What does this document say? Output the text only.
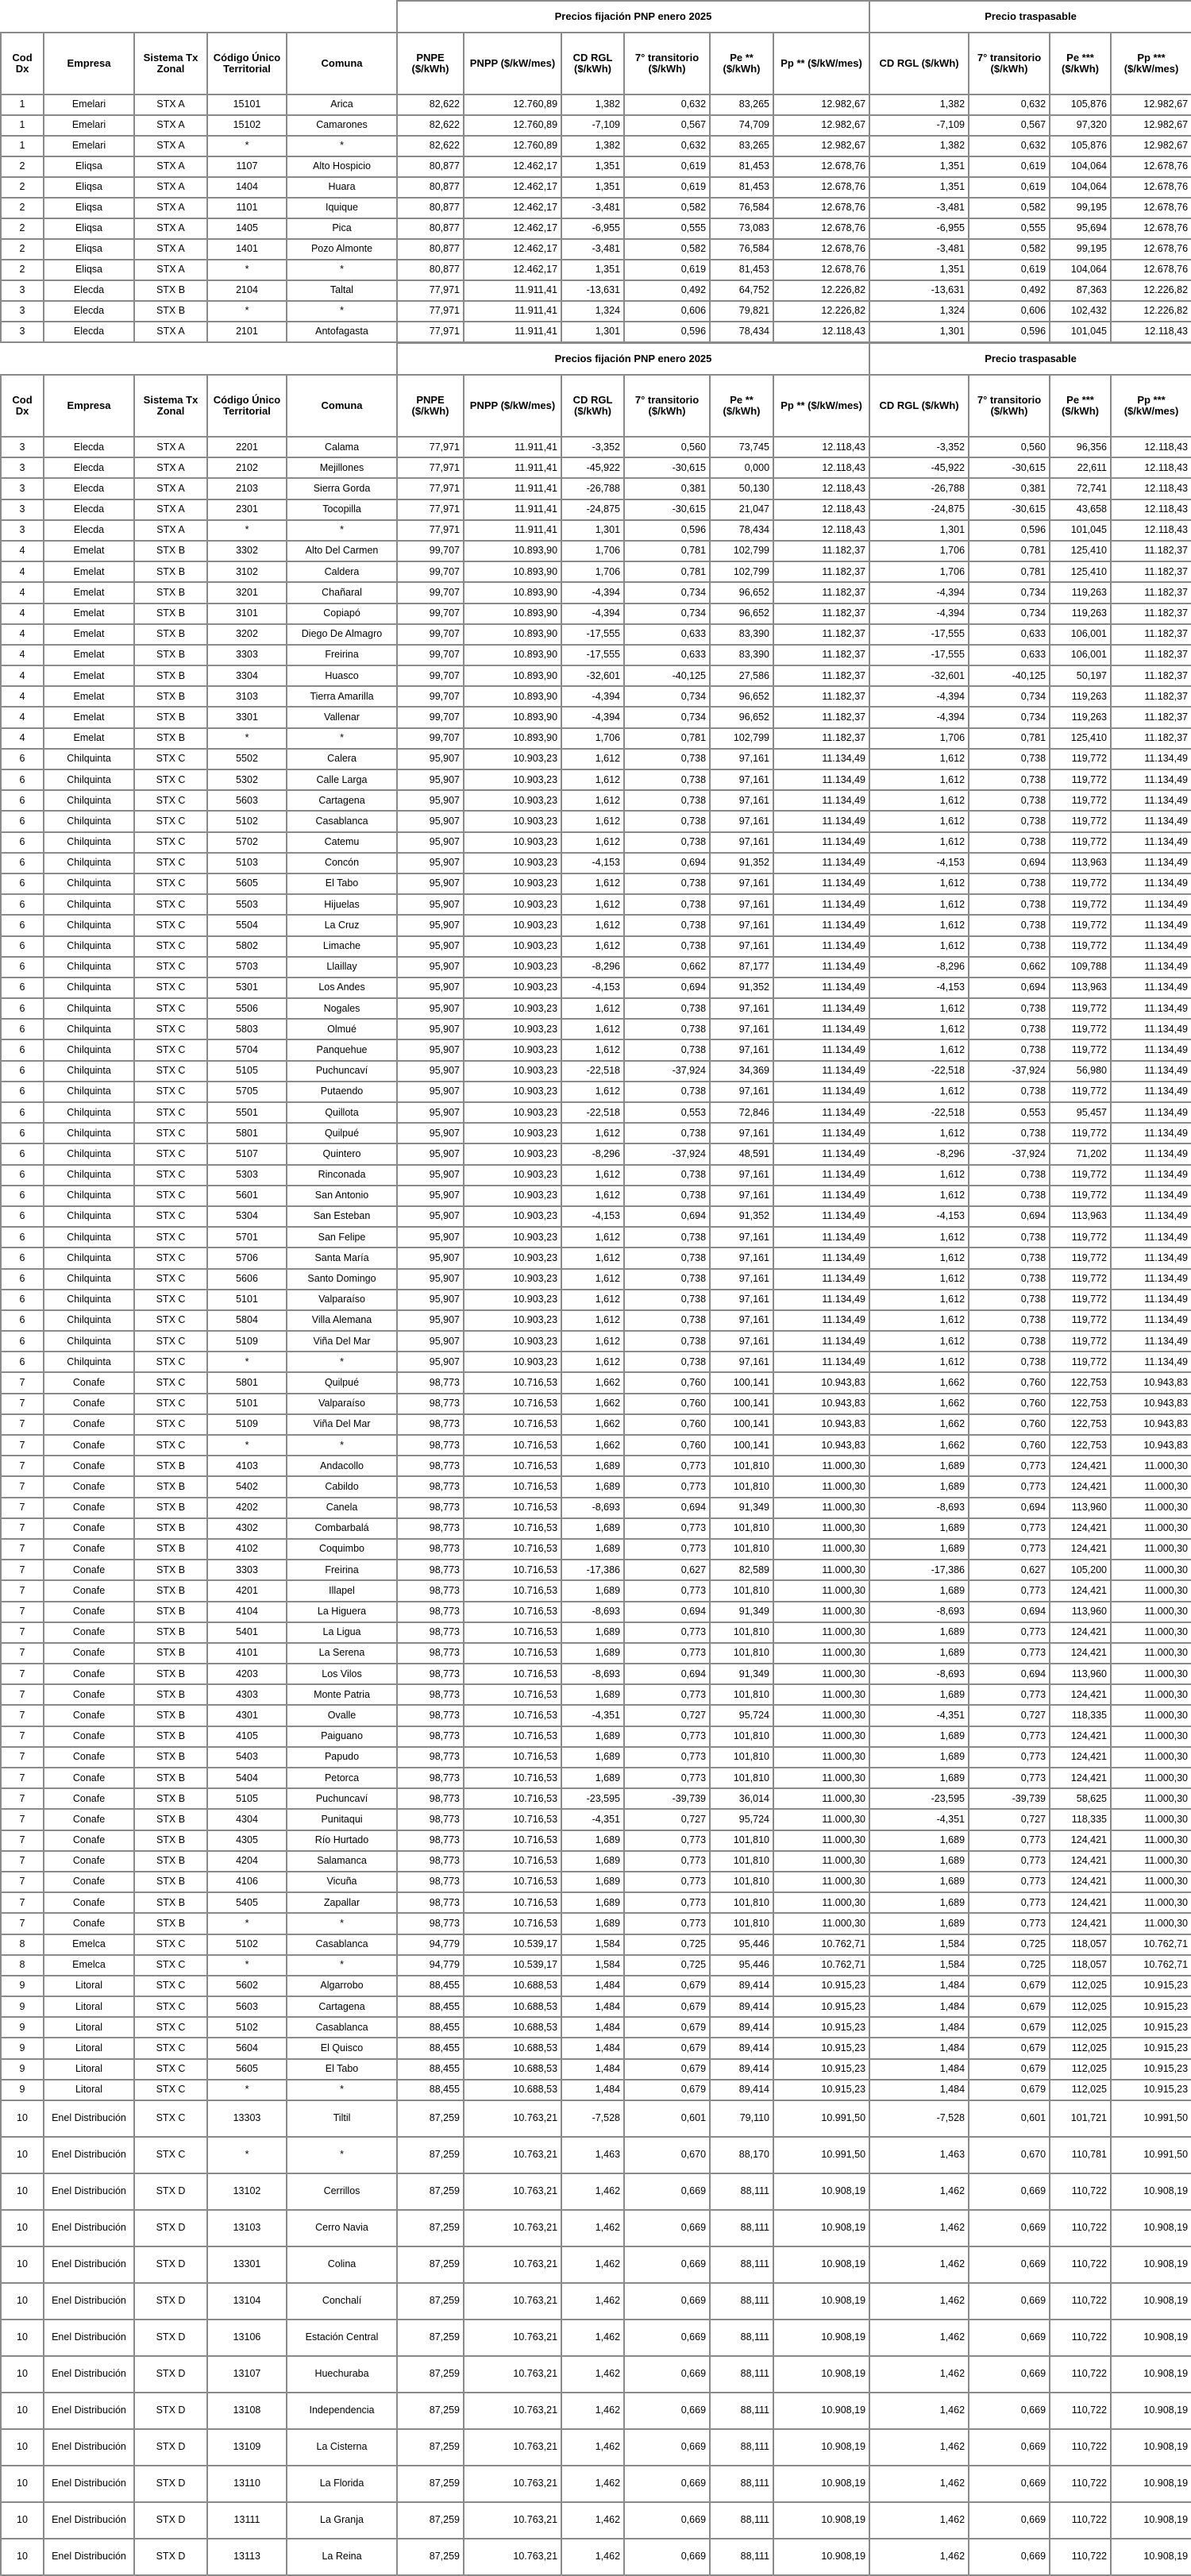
					Precios fijación PNP enero 2025						Precio traspasable			
Cod Dx	Empresa	Sistema Tx Zonal	Código Único Territorial	Comuna	PNPE ($/kWh)	PNPP ($/kW/mes)	CD RGL ($/kWh)	7° transitorio ($/kWh)	Pe ** ($/kWh)	Pp ** ($/kW/mes)	CD RGL ($/kWh)	7° transitorio ($/kWh)	Pe *** ($/kWh)	Pp *** ($/kW/mes)
1	Emelari	STX A	15101	Arica	82,622	12.760,89	1,382	0,632	83,265	12.982,67	1,382	0,632	105,876	12.982,67
1	Emelari	STX A	15102	Camarones	82,622	12.760,89	-7,109	0,567	74,709	12.982,67	-7,109	0,567	97,320	12.982,67
1	Emelari	STX A	*	*	82,622	12.760,89	1,382	0,632	83,265	12.982,67	1,382	0,632	105,876	12.982,67
2	Eliqsa	STX A	1107	Alto Hospicio	80,877	12.462,17	1,351	0,619	81,453	12.678,76	1,351	0,619	104,064	12.678,76
2	Eliqsa	STX A	1404	Huara	80,877	12.462,17	1,351	0,619	81,453	12.678,76	1,351	0,619	104,064	12.678,76
2	Eliqsa	STX A	1101	Iquique	80,877	12.462,17	-3,481	0,582	76,584	12.678,76	-3,481	0,582	99,195	12.678,76
2	Eliqsa	STX A	1405	Pica	80,877	12.462,17	-6,955	0,555	73,083	12.678,76	-6,955	0,555	95,694	12.678,76
2	Eliqsa	STX A	1401	Pozo Almonte	80,877	12.462,17	-3,481	0,582	76,584	12.678,76	-3,481	0,582	99,195	12.678,76
2	Eliqsa	STX A	*	*	80,877	12.462,17	1,351	0,619	81,453	12.678,76	1,351	0,619	104,064	12.678,76
3	Elecda	STX B	2104	Taltal	77,971	11.911,41	-13,631	0,492	64,752	12.226,82	-13,631	0,492	87,363	12.226,82
3	Elecda	STX B	*	*	77,971	11.911,41	1,324	0,606	79,821	12.226,82	1,324	0,606	102,432	12.226,82
3	Elecda	STX A	2101	Antofagasta	77,971	11.911,41	1,301	0,596	78,434	12.118,43	1,301	0,596	101,045	12.118,43
					Precios fijación PNP enero 2025						Precio traspasable			
Cod Dx	Empresa	Sistema Tx Zonal	Código Único Territorial	Comuna	PNPE ($/kWh)	PNPP ($/kW/mes)	CD RGL ($/kWh)	7° transitorio ($/kWh)	Pe ** ($/kWh)	Pp ** ($/kW/mes)	CD RGL ($/kWh)	7° transitorio ($/kWh)	Pe *** ($/kWh)	Pp *** ($/kW/mes)
3	Elecda	STX A	2201	Calama	77,971	11.911,41	-3,352	0,560	73,745	12.118,43	-3,352	0,560	96,356	12.118,43
3	Elecda	STX A	2102	Mejillones	77,971	11.911,41	-45,922	-30,615	0,000	12.118,43	-45,922	-30,615	22,611	12.118,43
3	Elecda	STX A	2103	Sierra Gorda	77,971	11.911,41	-26,788	0,381	50,130	12.118,43	-26,788	0,381	72,741	12.118,43
3	Elecda	STX A	2301	Tocopilla	77,971	11.911,41	-24,875	-30,615	21,047	12.118,43	-24,875	-30,615	43,658	12.118,43
3	Elecda	STX A	*	*	77,971	11.911,41	1,301	0,596	78,434	12.118,43	1,301	0,596	101,045	12.118,43
4	Emelat	STX B	3302	Alto Del Carmen	99,707	10.893,90	1,706	0,781	102,799	11.182,37	1,706	0,781	125,410	11.182,37
4	Emelat	STX B	3102	Caldera	99,707	10.893,90	1,706	0,781	102,799	11.182,37	1,706	0,781	125,410	11.182,37
4	Emelat	STX B	3201	Chañaral	99,707	10.893,90	-4,394	0,734	96,652	11.182,37	-4,394	0,734	119,263	11.182,37
4	Emelat	STX B	3101	Copiapó	99,707	10.893,90	-4,394	0,734	96,652	11.182,37	-4,394	0,734	119,263	11.182,37
4	Emelat	STX B	3202	Diego De Almagro	99,707	10.893,90	-17,555	0,633	83,390	11.182,37	-17,555	0,633	106,001	11.182,37
4	Emelat	STX B	3303	Freirina	99,707	10.893,90	-17,555	0,633	83,390	11.182,37	-17,555	0,633	106,001	11.182,37
4	Emelat	STX B	3304	Huasco	99,707	10.893,90	-32,601	-40,125	27,586	11.182,37	-32,601	-40,125	50,197	11.182,37
4	Emelat	STX B	3103	Tierra Amarilla	99,707	10.893,90	-4,394	0,734	96,652	11.182,37	-4,394	0,734	119,263	11.182,37
4	Emelat	STX B	3301	Vallenar	99,707	10.893,90	-4,394	0,734	96,652	11.182,37	-4,394	0,734	119,263	11.182,37
4	Emelat	STX B	*	*	99,707	10.893,90	1,706	0,781	102,799	11.182,37	1,706	0,781	125,410	11.182,37
6	Chilquinta	STX C	5502	Calera	95,907	10.903,23	1,612	0,738	97,161	11.134,49	1,612	0,738	119,772	11.134,49
6	Chilquinta	STX C	5302	Calle Larga	95,907	10.903,23	1,612	0,738	97,161	11.134,49	1,612	0,738	119,772	11.134,49
6	Chilquinta	STX C	5603	Cartagena	95,907	10.903,23	1,612	0,738	97,161	11.134,49	1,612	0,738	119,772	11.134,49
6	Chilquinta	STX C	5102	Casablanca	95,907	10.903,23	1,612	0,738	97,161	11.134,49	1,612	0,738	119,772	11.134,49
6	Chilquinta	STX C	5702	Catemu	95,907	10.903,23	1,612	0,738	97,161	11.134,49	1,612	0,738	119,772	11.134,49
6	Chilquinta	STX C	5103	Concón	95,907	10.903,23	-4,153	0,694	91,352	11.134,49	-4,153	0,694	113,963	11.134,49
6	Chilquinta	STX C	5605	El Tabo	95,907	10.903,23	1,612	0,738	97,161	11.134,49	1,612	0,738	119,772	11.134,49
6	Chilquinta	STX C	5503	Hijuelas	95,907	10.903,23	1,612	0,738	97,161	11.134,49	1,612	0,738	119,772	11.134,49
6	Chilquinta	STX C	5504	La Cruz	95,907	10.903,23	1,612	0,738	97,161	11.134,49	1,612	0,738	119,772	11.134,49
6	Chilquinta	STX C	5802	Limache	95,907	10.903,23	1,612	0,738	97,161	11.134,49	1,612	0,738	119,772	11.134,49
6	Chilquinta	STX C	5703	Llaillay	95,907	10.903,23	-8,296	0,662	87,177	11.134,49	-8,296	0,662	109,788	11.134,49
6	Chilquinta	STX C	5301	Los Andes	95,907	10.903,23	-4,153	0,694	91,352	11.134,49	-4,153	0,694	113,963	11.134,49
6	Chilquinta	STX C	5506	Nogales	95,907	10.903,23	1,612	0,738	97,161	11.134,49	1,612	0,738	119,772	11.134,49
6	Chilquinta	STX C	5803	Olmué	95,907	10.903,23	1,612	0,738	97,161	11.134,49	1,612	0,738	119,772	11.134,49
6	Chilquinta	STX C	5704	Panquehue	95,907	10.903,23	1,612	0,738	97,161	11.134,49	1,612	0,738	119,772	11.134,49
6	Chilquinta	STX C	5105	Puchuncaví	95,907	10.903,23	-22,518	-37,924	34,369	11.134,49	-22,518	-37,924	56,980	11.134,49
6	Chilquinta	STX C	5705	Putaendo	95,907	10.903,23	1,612	0,738	97,161	11.134,49	1,612	0,738	119,772	11.134,49
6	Chilquinta	STX C	5501	Quillota	95,907	10.903,23	-22,518	0,553	72,846	11.134,49	-22,518	0,553	95,457	11.134,49
6	Chilquinta	STX C	5801	Quilpué	95,907	10.903,23	1,612	0,738	97,161	11.134,49	1,612	0,738	119,772	11.134,49
6	Chilquinta	STX C	5107	Quintero	95,907	10.903,23	-8,296	-37,924	48,591	11.134,49	-8,296	-37,924	71,202	11.134,49
6	Chilquinta	STX C	5303	Rinconada	95,907	10.903,23	1,612	0,738	97,161	11.134,49	1,612	0,738	119,772	11.134,49
6	Chilquinta	STX C	5601	San Antonio	95,907	10.903,23	1,612	0,738	97,161	11.134,49	1,612	0,738	119,772	11.134,49
6	Chilquinta	STX C	5304	San Esteban	95,907	10.903,23	-4,153	0,694	91,352	11.134,49	-4,153	0,694	113,963	11.134,49
6	Chilquinta	STX C	5701	San Felipe	95,907	10.903,23	1,612	0,738	97,161	11.134,49	1,612	0,738	119,772	11.134,49
6	Chilquinta	STX C	5706	Santa María	95,907	10.903,23	1,612	0,738	97,161	11.134,49	1,612	0,738	119,772	11.134,49
6	Chilquinta	STX C	5606	Santo Domingo	95,907	10.903,23	1,612	0,738	97,161	11.134,49	1,612	0,738	119,772	11.134,49
6	Chilquinta	STX C	5101	Valparaíso	95,907	10.903,23	1,612	0,738	97,161	11.134,49	1,612	0,738	119,772	11.134,49
6	Chilquinta	STX C	5804	Villa Alemana	95,907	10.903,23	1,612	0,738	97,161	11.134,49	1,612	0,738	119,772	11.134,49
6	Chilquinta	STX C	5109	Viña Del Mar	95,907	10.903,23	1,612	0,738	97,161	11.134,49	1,612	0,738	119,772	11.134,49
6	Chilquinta	STX C	*	*	95,907	10.903,23	1,612	0,738	97,161	11.134,49	1,612	0,738	119,772	11.134,49
7	Conafe	STX C	5801	Quilpué	98,773	10.716,53	1,662	0,760	100,141	10.943,83	1,662	0,760	122,753	10.943,83
7	Conafe	STX C	5101	Valparaíso	98,773	10.716,53	1,662	0,760	100,141	10.943,83	1,662	0,760	122,753	10.943,83
7	Conafe	STX C	5109	Viña Del Mar	98,773	10.716,53	1,662	0,760	100,141	10.943,83	1,662	0,760	122,753	10.943,83
7	Conafe	STX C	*	*	98,773	10.716,53	1,662	0,760	100,141	10.943,83	1,662	0,760	122,753	10.943,83
7	Conafe	STX B	4103	Andacollo	98,773	10.716,53	1,689	0,773	101,810	11.000,30	1,689	0,773	124,421	11.000,30
7	Conafe	STX B	5402	Cabildo	98,773	10.716,53	1,689	0,773	101,810	11.000,30	1,689	0,773	124,421	11.000,30
7	Conafe	STX B	4202	Canela	98,773	10.716,53	-8,693	0,694	91,349	11.000,30	-8,693	0,694	113,960	11.000,30
7	Conafe	STX B	4302	Combarbalá	98,773	10.716,53	1,689	0,773	101,810	11.000,30	1,689	0,773	124,421	11.000,30
7	Conafe	STX B	4102	Coquimbo	98,773	10.716,53	1,689	0,773	101,810	11.000,30	1,689	0,773	124,421	11.000,30
7	Conafe	STX B	3303	Freirina	98,773	10.716,53	-17,386	0,627	82,589	11.000,30	-17,386	0,627	105,200	11.000,30
7	Conafe	STX B	4201	Illapel	98,773	10.716,53	1,689	0,773	101,810	11.000,30	1,689	0,773	124,421	11.000,30
7	Conafe	STX B	4104	La Higuera	98,773	10.716,53	-8,693	0,694	91,349	11.000,30	-8,693	0,694	113,960	11.000,30
7	Conafe	STX B	5401	La Ligua	98,773	10.716,53	1,689	0,773	101,810	11.000,30	1,689	0,773	124,421	11.000,30
7	Conafe	STX B	4101	La Serena	98,773	10.716,53	1,689	0,773	101,810	11.000,30	1,689	0,773	124,421	11.000,30
7	Conafe	STX B	4203	Los Vilos	98,773	10.716,53	-8,693	0,694	91,349	11.000,30	-8,693	0,694	113,960	11.000,30
7	Conafe	STX B	4303	Monte Patria	98,773	10.716,53	1,689	0,773	101,810	11.000,30	1,689	0,773	124,421	11.000,30
7	Conafe	STX B	4301	Ovalle	98,773	10.716,53	-4,351	0,727	95,724	11.000,30	-4,351	0,727	118,335	11.000,30
7	Conafe	STX B	4105	Paiguano	98,773	10.716,53	1,689	0,773	101,810	11.000,30	1,689	0,773	124,421	11.000,30
7	Conafe	STX B	5403	Papudo	98,773	10.716,53	1,689	0,773	101,810	11.000,30	1,689	0,773	124,421	11.000,30
7	Conafe	STX B	5404	Petorca	98,773	10.716,53	1,689	0,773	101,810	11.000,30	1,689	0,773	124,421	11.000,30
7	Conafe	STX B	5105	Puchuncaví	98,773	10.716,53	-23,595	-39,739	36,014	11.000,30	-23,595	-39,739	58,625	11.000,30
7	Conafe	STX B	4304	Punitaqui	98,773	10.716,53	-4,351	0,727	95,724	11.000,30	-4,351	0,727	118,335	11.000,30
7	Conafe	STX B	4305	Río Hurtado	98,773	10.716,53	1,689	0,773	101,810	11.000,30	1,689	0,773	124,421	11.000,30
7	Conafe	STX B	4204	Salamanca	98,773	10.716,53	1,689	0,773	101,810	11.000,30	1,689	0,773	124,421	11.000,30
7	Conafe	STX B	4106	Vicuña	98,773	10.716,53	1,689	0,773	101,810	11.000,30	1,689	0,773	124,421	11.000,30
7	Conafe	STX B	5405	Zapallar	98,773	10.716,53	1,689	0,773	101,810	11.000,30	1,689	0,773	124,421	11.000,30
7	Conafe	STX B	*	*	98,773	10.716,53	1,689	0,773	101,810	11.000,30	1,689	0,773	124,421	11.000,30
8	Emelca	STX C	5102	Casablanca	94,779	10.539,17	1,584	0,725	95,446	10.762,71	1,584	0,725	118,057	10.762,71
8	Emelca	STX C	*	*	94,779	10.539,17	1,584	0,725	95,446	10.762,71	1,584	0,725	118,057	10.762,71
9	Litoral	STX C	5602	Algarrobo	88,455	10.688,53	1,484	0,679	89,414	10.915,23	1,484	0,679	112,025	10.915,23
9	Litoral	STX C	5603	Cartagena	88,455	10.688,53	1,484	0,679	89,414	10.915,23	1,484	0,679	112,025	10.915,23
9	Litoral	STX C	5102	Casablanca	88,455	10.688,53	1,484	0,679	89,414	10.915,23	1,484	0,679	112,025	10.915,23
9	Litoral	STX C	5604	El Quisco	88,455	10.688,53	1,484	0,679	89,414	10.915,23	1,484	0,679	112,025	10.915,23
9	Litoral	STX C	5605	El Tabo	88,455	10.688,53	1,484	0,679	89,414	10.915,23	1,484	0,679	112,025	10.915,23
9	Litoral	STX C	*	*	88,455	10.688,53	1,484	0,679	89,414	10.915,23	1,484	0,679	112,025	10.915,23
10	Enel Distribución	STX C	13303	Tiltil	87,259	10.763,21	-7,528	0,601	79,110	10.991,50	-7,528	0,601	101,721	10.991,50
10	Enel Distribución	STX C	*	*	87,259	10.763,21	1,463	0,670	88,170	10.991,50	1,463	0,670	110,781	10.991,50
10	Enel Distribución	STX D	13102	Cerrillos	87,259	10.763,21	1,462	0,669	88,111	10.908,19	1,462	0,669	110,722	10.908,19
10	Enel Distribución	STX D	13103	Cerro Navia	87,259	10.763,21	1,462	0,669	88,111	10.908,19	1,462	0,669	110,722	10.908,19
10	Enel Distribución	STX D	13301	Colina	87,259	10.763,21	1,462	0,669	88,111	10.908,19	1,462	0,669	110,722	10.908,19
10	Enel Distribución	STX D	13104	Conchalí	87,259	10.763,21	1,462	0,669	88,111	10.908,19	1,462	0,669	110,722	10.908,19
10	Enel Distribución	STX D	13106	Estación Central	87,259	10.763,21	1,462	0,669	88,111	10.908,19	1,462	0,669	110,722	10.908,19
10	Enel Distribución	STX D	13107	Huechuraba	87,259	10.763,21	1,462	0,669	88,111	10.908,19	1,462	0,669	110,722	10.908,19
10	Enel Distribución	STX D	13108	Independencia	87,259	10.763,21	1,462	0,669	88,111	10.908,19	1,462	0,669	110,722	10.908,19
10	Enel Distribución	STX D	13109	La Cisterna	87,259	10.763,21	1,462	0,669	88,111	10.908,19	1,462	0,669	110,722	10.908,19
10	Enel Distribución	STX D	13110	La Florida	87,259	10.763,21	1,462	0,669	88,111	10.908,19	1,462	0,669	110,722	10.908,19
10	Enel Distribución	STX D	13111	La Granja	87,259	10.763,21	1,462	0,669	88,111	10.908,19	1,462	0,669	110,722	10.908,19
10	Enel Distribución	STX D	13113	La Reina	87,259	10.763,21	1,462	0,669	88,111	10.908,19	1,462	0,669	110,722	10.908,19
